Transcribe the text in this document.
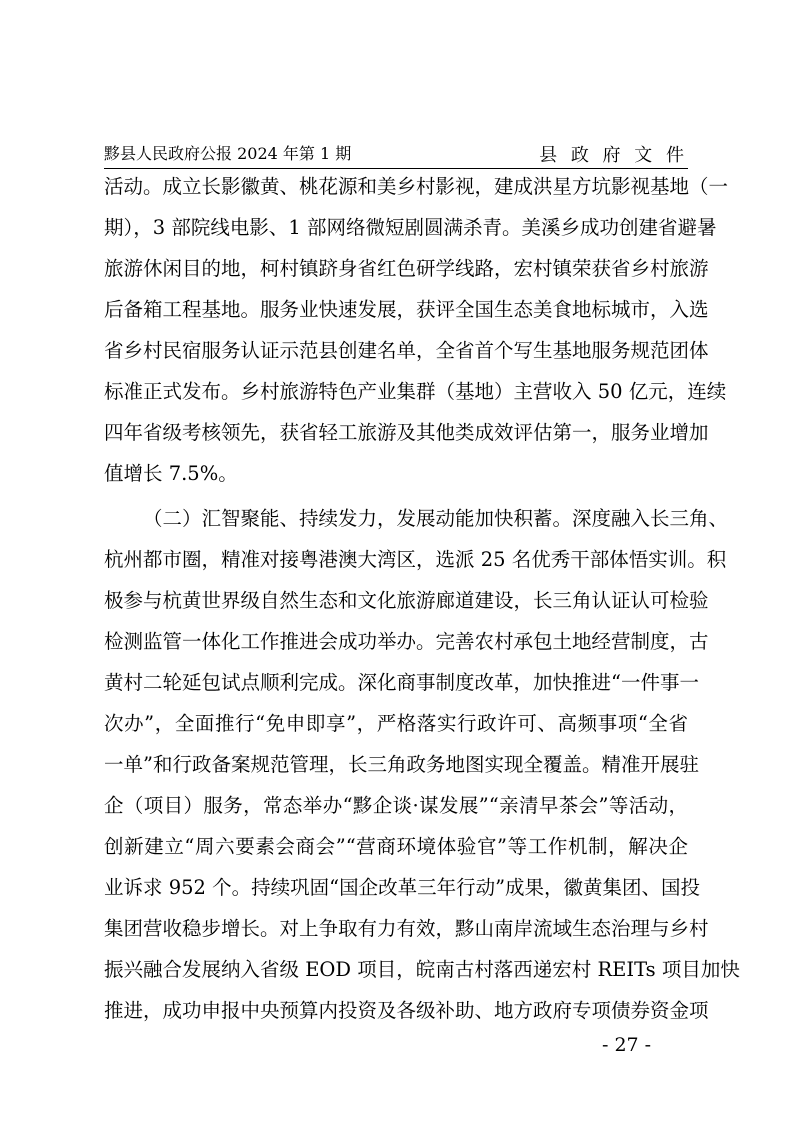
黟县人民政府公报 2024 年第 1 期	县 政 府 文 件
活动。成立长影徽黄、桃花源和美乡村影视，建成洪星方坑影视基地（一
期），3 部院线电影、1 部网络微短剧圆满杀青。美溪乡成功创建省避暑
旅游休闲目的地，柯村镇跻身省红色研学线路，宏村镇荣获省乡村旅游
后备箱工程基地。服务业快速发展，获评全国生态美食地标城市，入选
省乡村民宿服务认证示范县创建名单，全省首个写生基地服务规范团体
标准正式发布。乡村旅游特色产业集群（基地）主营收入 50 亿元，连续
四年省级考核领先，获省轻工旅游及其他类成效评估第一，服务业增加
值增长 7.5%。
（二）汇智聚能、持续发力，发展动能加快积蓄。深度融入长三角、
杭州都市圈，精准对接粤港澳大湾区，选派 25 名优秀干部体悟实训。积
极参与杭黄世界级自然生态和文化旅游廊道建设，长三角认证认可检验
检测监管一体化工作推进会成功举办。完善农村承包土地经营制度，古
黄村二轮延包试点顺利完成。深化商事制度改革，加快推进“一件事一
次办”，全面推行“免申即享”，严格落实行政许可、高频事项“全省
一单”和行政备案规范管理，长三角政务地图实现全覆盖。精准开展驻
企（项目）服务，常态举办“黟企谈·谋发展”“亲清早茶会”等活动，
创新建立“周六要素会商会”“营商环境体验官”等工作机制，解决企
业诉求 952 个。持续巩固“国企改革三年行动”成果，徽黄集团、国投
集团营收稳步增长。对上争取有力有效，黟山南岸流域生态治理与乡村
振兴融合发展纳入省级 EOD 项目，皖南古村落西递宏村 REITs 项目加快
推进，成功申报中央预算内投资及各级补助、地方政府专项债券资金项
- 27 -
